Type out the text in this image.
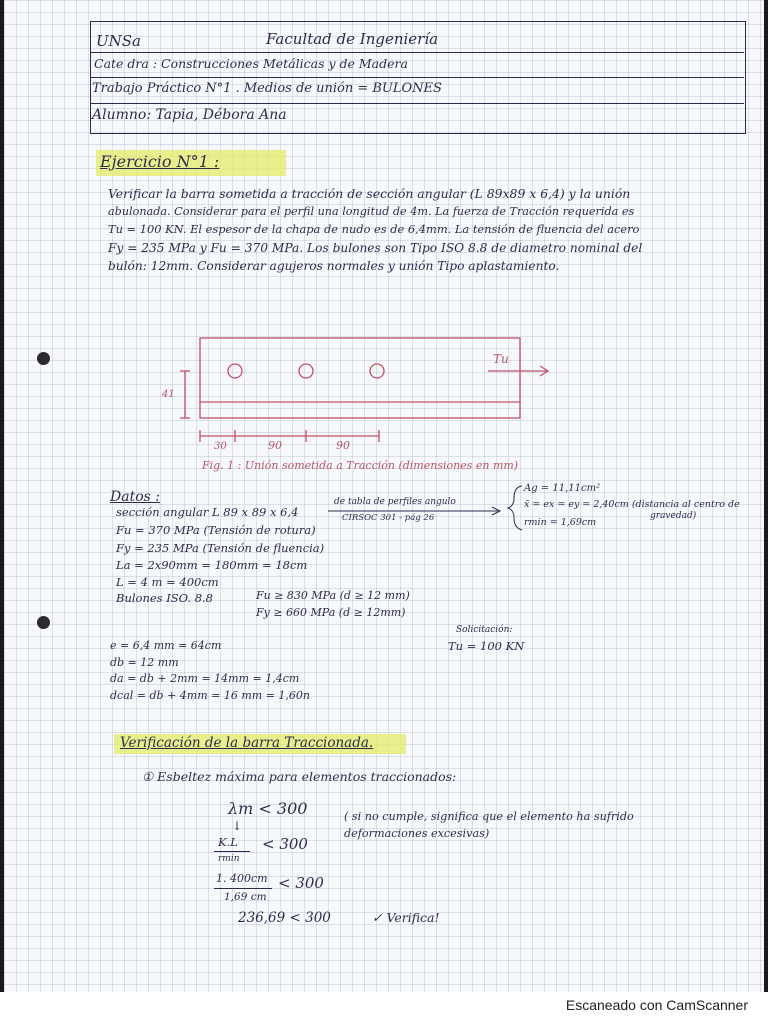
UNSa	Facultad de Ingeniería
Cate dra : Construcciones Metálicas y de Madera
Trabajo Práctico N°1 . Medios de unión = BULONES
Alumno: Tapia, Débora Ana
Ejercicio N°1 :
Verificar la barra sometida a tracción de sección angular (L 89x89 x 6,4) y la unión
abulonada. Considerar para el perfil una longitud de 4m. La fuerza de Tracción requerida es
Tu = 100 KN. El espesor de la chapa de nudo es de 6,4mm. La tensión de fluencia del acero
Fy = 235 MPa y Fu = 370 MPa. Los bulones son Tipo ISO 8.8 de diametro nominal del
bulón: 12mm. Considerar agujeros normales y unión Tipo aplastamiento.
Tu
41
30	90	90
Fig. 1 : Unión sometida a Tracción (dimensiones en mm)
Datos :
sección angular L 89 x 89 x 6,4
Fu = 370 MPa (Tensión de rotura)
Fy = 235 MPa (Tensión de fluencia)
La = 2x90mm = 180mm = 18cm
L = 4 m = 400cm
Bulones ISO. 8.8
de tabla de perfiles angulo
CIRSOC 301 - pág 26
Ag = 11,11cm²
x̄ = ex = ey = 2,40cm (distancia al centro de
gravedad)
rmin = 1,69cm
Fu ≥ 830 MPa (d ≥ 12 mm)
Fy ≥ 660 MPa (d ≥ 12mm)
Solicitación:
Tu = 100 KN
e = 6,4 mm = 64cm
db = 12 mm
da = db + 2mm = 14mm = 1,4cm
dcal = db + 4mm = 16 mm = 1,60n
Verificación de la barra Traccionada.
① Esbeltez máxima para elementos traccionados:
λm < 300
↓
K.L
rmin
< 300
1. 400cm
1,69 cm
< 300
236,69 < 300	✓ Verifica!
( si no cumple, significa que el elemento ha sufrido deformaciones excesivas)
Escaneado con CamScanner
